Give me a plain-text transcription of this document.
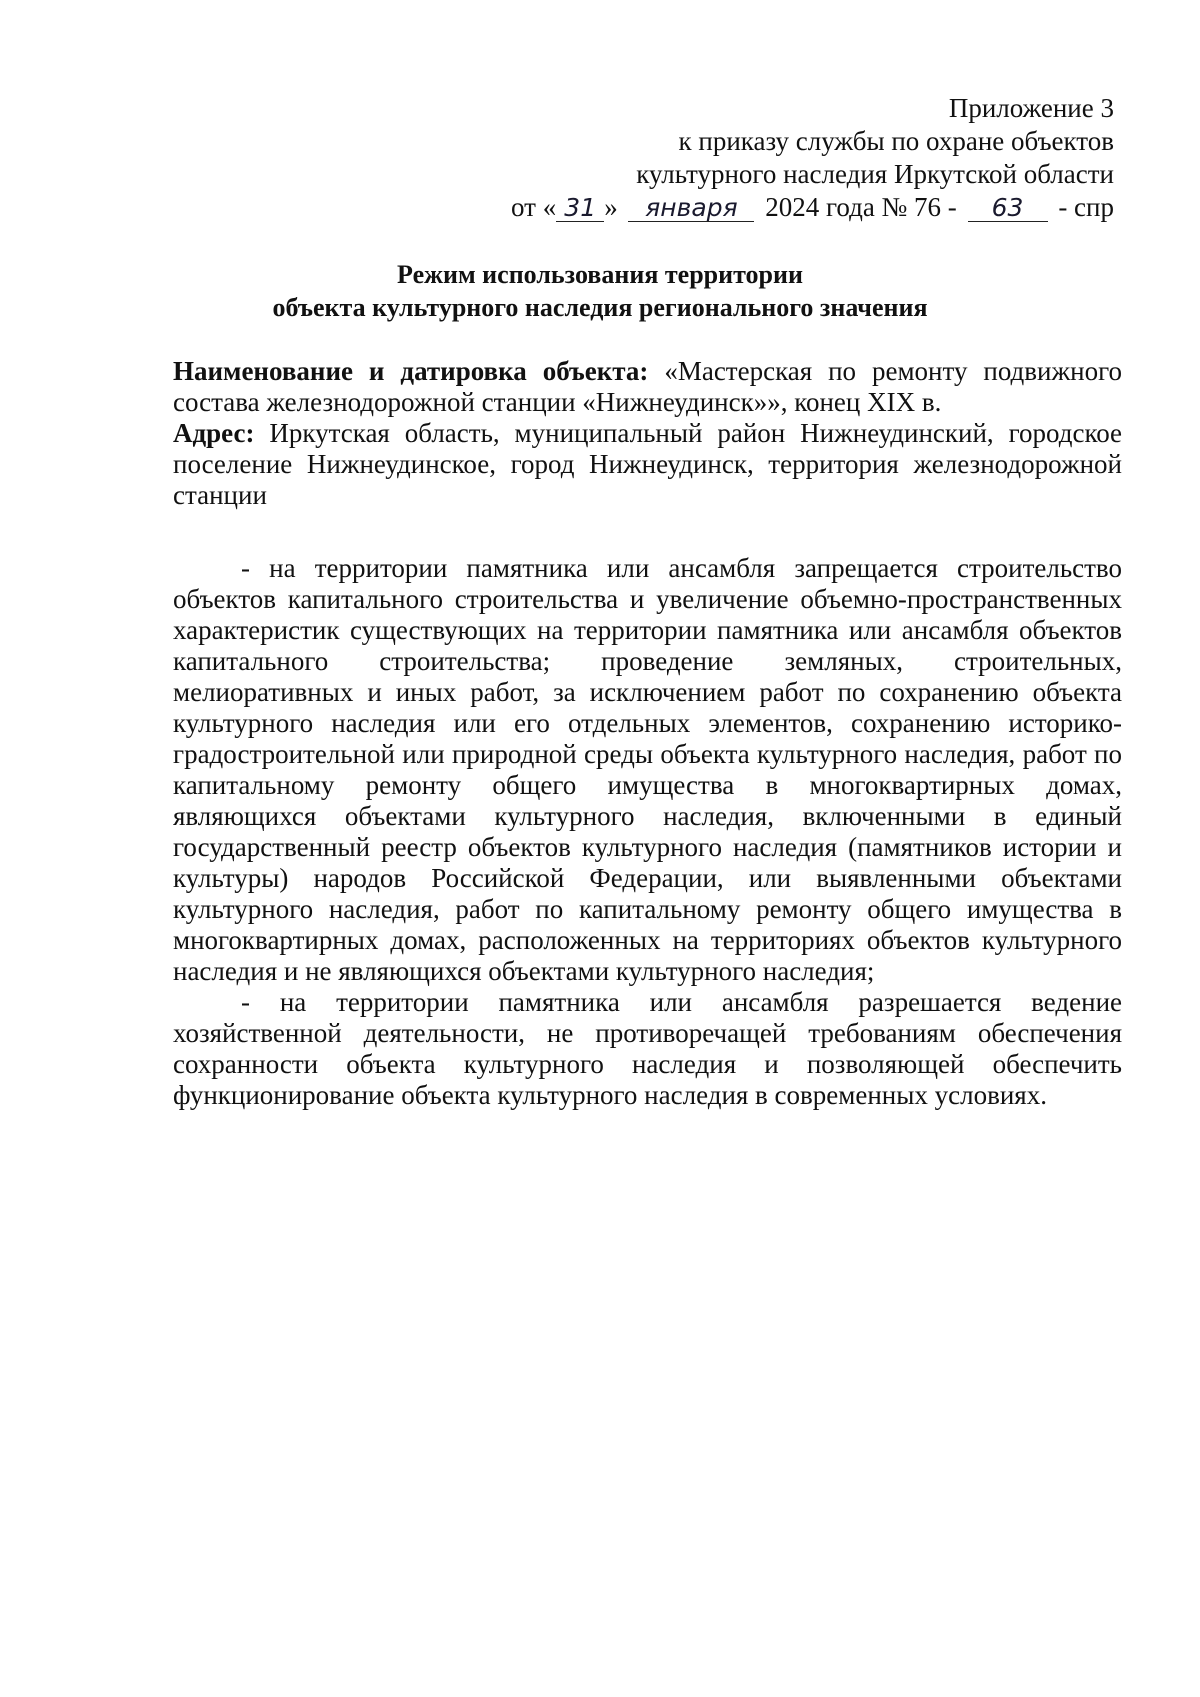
Приложение 3
к приказу службы по охране объектов
культурного наследия Иркутской области
от « 31 » января 2024 года № 76 - 63 - спр
Режим использования территории
объекта культурного наследия регионального значения

Наименование и датировка объекта: «Мастерская по ремонту подвижного состава железнодорожной станции «Нижнеудинск»», конец XIX в.

Адрес: Иркутская область, муниципальный район Нижнеудинский, городское поселение Нижнеудинское, город Нижнеудинск, территория железнодорожной станции

- на территории памятника или ансамбля запрещается строительство объектов капитального строительства и увеличение объемно-пространственных характеристик существующих на территории памятника или ансамбля объектов капитального строительства; проведение земляных, строительных, мелиоративных и иных работ, за исключением работ по сохранению объекта культурного наследия или его отдельных элементов, сохранению историко-градостроительной или природной среды объекта культурного наследия, работ по капитальному ремонту общего имущества в многоквартирных домах, являющихся объектами культурного наследия, включенными в единый государственный реестр объектов культурного наследия (памятников истории и культуры) народов Российской Федерации, или выявленными объектами культурного наследия, работ по капитальному ремонту общего имущества в многоквартирных домах, расположенных на территориях объектов культурного наследия и не являющихся объектами культурного наследия;

- на территории памятника или ансамбля разрешается ведение хозяйственной деятельности, не противоречащей требованиям обеспечения сохранности объекта культурного наследия и позволяющей обеспечить функционирование объекта культурного наследия в современных условиях.
